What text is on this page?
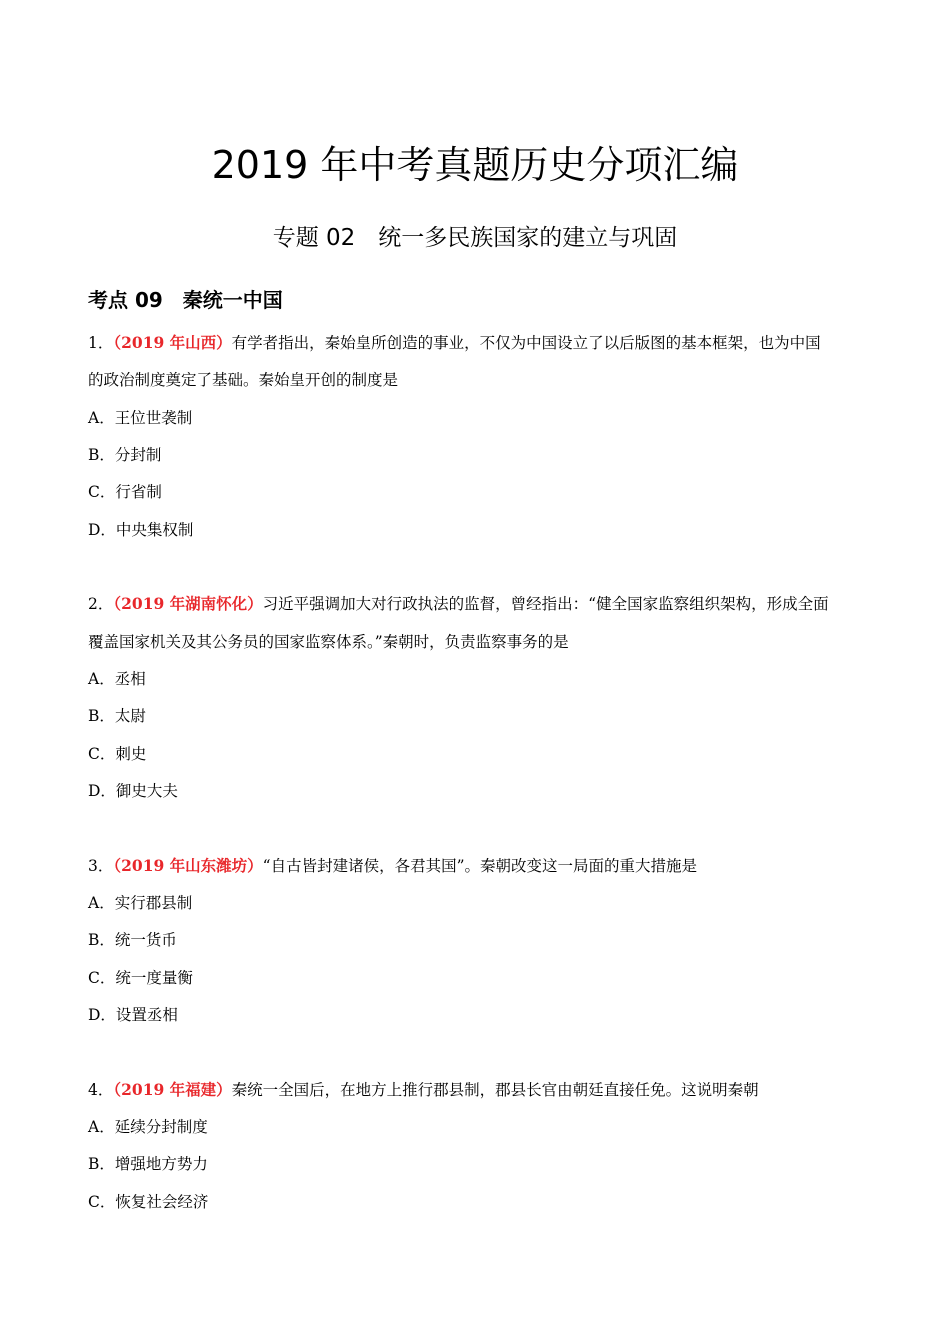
2019 年中考真题历史分项汇编
专题 02　统一多民族国家的建立与巩固
考点 09　秦统一中国
1．（2019 年山西）有学者指出，秦始皇所创造的事业，不仅为中国设立了以后版图的基本框架，也为中国
的政治制度奠定了基础。秦始皇开创的制度是
A．王位世袭制
B．分封制
C．行省制
D．中央集权制
2．（2019 年湖南怀化）习近平强调加大对行政执法的监督，曾经指出：“健全国家监察组织架构，形成全面
覆盖国家机关及其公务员的国家监察体系。”秦朝时，负责监察事务的是
A．丞相
B．太尉
C．刺史
D．御史大夫
3．（2019 年山东潍坊）“自古皆封建诸侯，各君其国”。秦朝改变这一局面的重大措施是
A．实行郡县制
B．统一货币
C．统一度量衡
D．设置丞相
4．（2019 年福建）秦统一全国后，在地方上推行郡县制，郡县长官由朝廷直接任免。这说明秦朝
A．延续分封制度
B．增强地方势力
C．恢复社会经济
